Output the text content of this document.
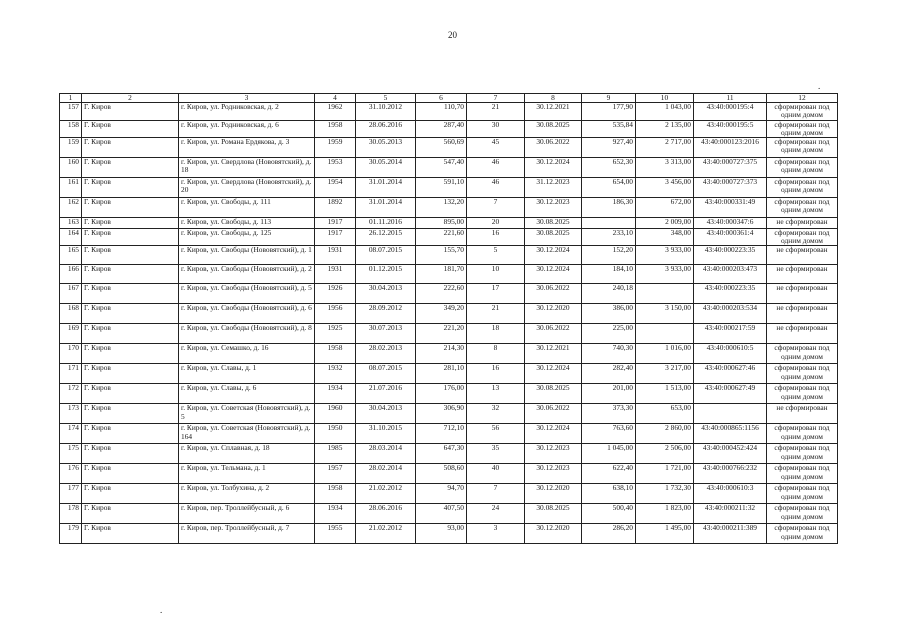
20
.
.
1	2	3	4	5	6	7	8	9	10	11	12
157	Г. Киров	г. Киров, ул. Родниковская, д. 2	1962	31.10.2012	110,70	21	30.12.2021	177,90	1 043,00	43:40:000195:4	сформирован под одним домом
158	Г. Киров	г. Киров, ул. Родниковская, д. 6	1958	28.06.2016	287,40	30	30.08.2025	535,84	2 135,00	43:40:000195:5	сформирован под одним домом
159	Г. Киров	г. Киров, ул. Романа Ердякова, д. 3	1959	30.05.2013	560,69	45	30.06.2022	927,40	2 717,00	43:40:000123:2016	сформирован под одним домом
160	Г. Киров	г. Киров, ул. Свердлова (Нововятский), д. 18	1953	30.05.2014	547,40	46	30.12.2024	652,30	3 313,00	43:40:000727:375	сформирован под одним домом
161	Г. Киров	г. Киров, ул. Свердлова (Нововятский), д. 20	1954	31.01.2014	591,10	46	31.12.2023	654,00	3 456,00	43:40:000727:373	сформирован под одним домом
162	Г. Киров	г. Киров, ул. Свободы, д. 111	1892	31.01.2014	132,20	7	30.12.2023	186,30	672,00	43:40:000331:49	сформирован под одним домом
163	Г. Киров	г. Киров, ул. Свободы, д. 113	1917	01.11.2016	895,00	20	30.08.2025		2 009,00	43:40:000347:6	не сформирован
164	Г. Киров	г. Киров, ул. Свободы, д. 125	1917	26.12.2015	221,60	16	30.08.2025	233,10	348,00	43:40:000361:4	сформирован под одним домом
165	Г. Киров	г. Киров, ул. Свободы (Нововятский), д. 1	1931	08.07.2015	155,70	5	30.12.2024	152,20	3 933,00	43:40:000223:35	не сформирован
166	Г. Киров	г. Киров, ул. Свободы (Нововятский), д. 2	1931	01.12.2015	181,70	10	30.12.2024	184,10	3 933,00	43:40:000203:473	не сформирован
167	Г. Киров	г. Киров, ул. Свободы (Нововятский), д. 5	1926	30.04.2013	222,60	17	30.06.2022	240,18		43:40:000223:35	не сформирован
168	Г. Киров	г. Киров, ул. Свободы (Нововятский), д. 6	1956	28.09.2012	349,20	21	30.12.2020	386,00	3 150,00	43:40:000203:534	не сформирован
169	Г. Киров	г. Киров, ул. Свободы (Нововятский), д. 8	1925	30.07.2013	221,20	18	30.06.2022	225,00		43:40:000217:59	не сформирован
170	Г. Киров	г. Киров, ул. Семашко, д. 16	1958	28.02.2013	214,30	8	30.12.2021	740,30	1 016,00	43:40:000610:5	сформирован под одним домом
171	Г. Киров	г. Киров, ул. Славы, д. 1	1932	08.07.2015	281,10	16	30.12.2024	282,40	3 217,00	43:40:000627:46	сформирован под одним домом
172	Г. Киров	г. Киров, ул. Славы, д. 6	1934	21.07.2016	176,00	13	30.08.2025	201,00	1 513,00	43:40:000627:49	сформирован под одним домом
173	Г. Киров	г. Киров, ул. Советская (Нововятский), д. 5	1960	30.04.2013	306,90	32	30.06.2022	373,30	653,00		не сформирован
174	Г. Киров	г. Киров, ул. Советская (Нововятский), д. 164	1950	31.10.2015	712,10	56	30.12.2024	763,60	2 860,00	43:40:000865:1156	сформирован под одним домом
175	Г. Киров	г. Киров, ул. Сплавная, д. 18	1985	28.03.2014	647,30	35	30.12.2023	1 045,00	2 506,00	43:40:000452:424	сформирован под одним домом
176	Г. Киров	г. Киров, ул. Тельмана, д. 1	1957	28.02.2014	508,60	40	30.12.2023	622,40	1 721,00	43:40:000766:232	сформирован под одним домом
177	Г. Киров	г. Киров, ул. Толбухина, д. 2	1958	21.02.2012	94,70	7	30.12.2020	638,10	1 732,30	43:40:000610:3	сформирован под одним домом
178	Г. Киров	г. Киров, пер. Троллейбусный, д. 6	1934	28.06.2016	407,50	24	30.08.2025	500,40	1 823,00	43:40:000211:32	сформирован под одним домом
179	Г. Киров	г. Киров, пер. Троллейбусный, д. 7	1955	21.02.2012	93,00	3	30.12.2020	286,20	1 495,00	43:40:000211:389	сформирован под одним домом
